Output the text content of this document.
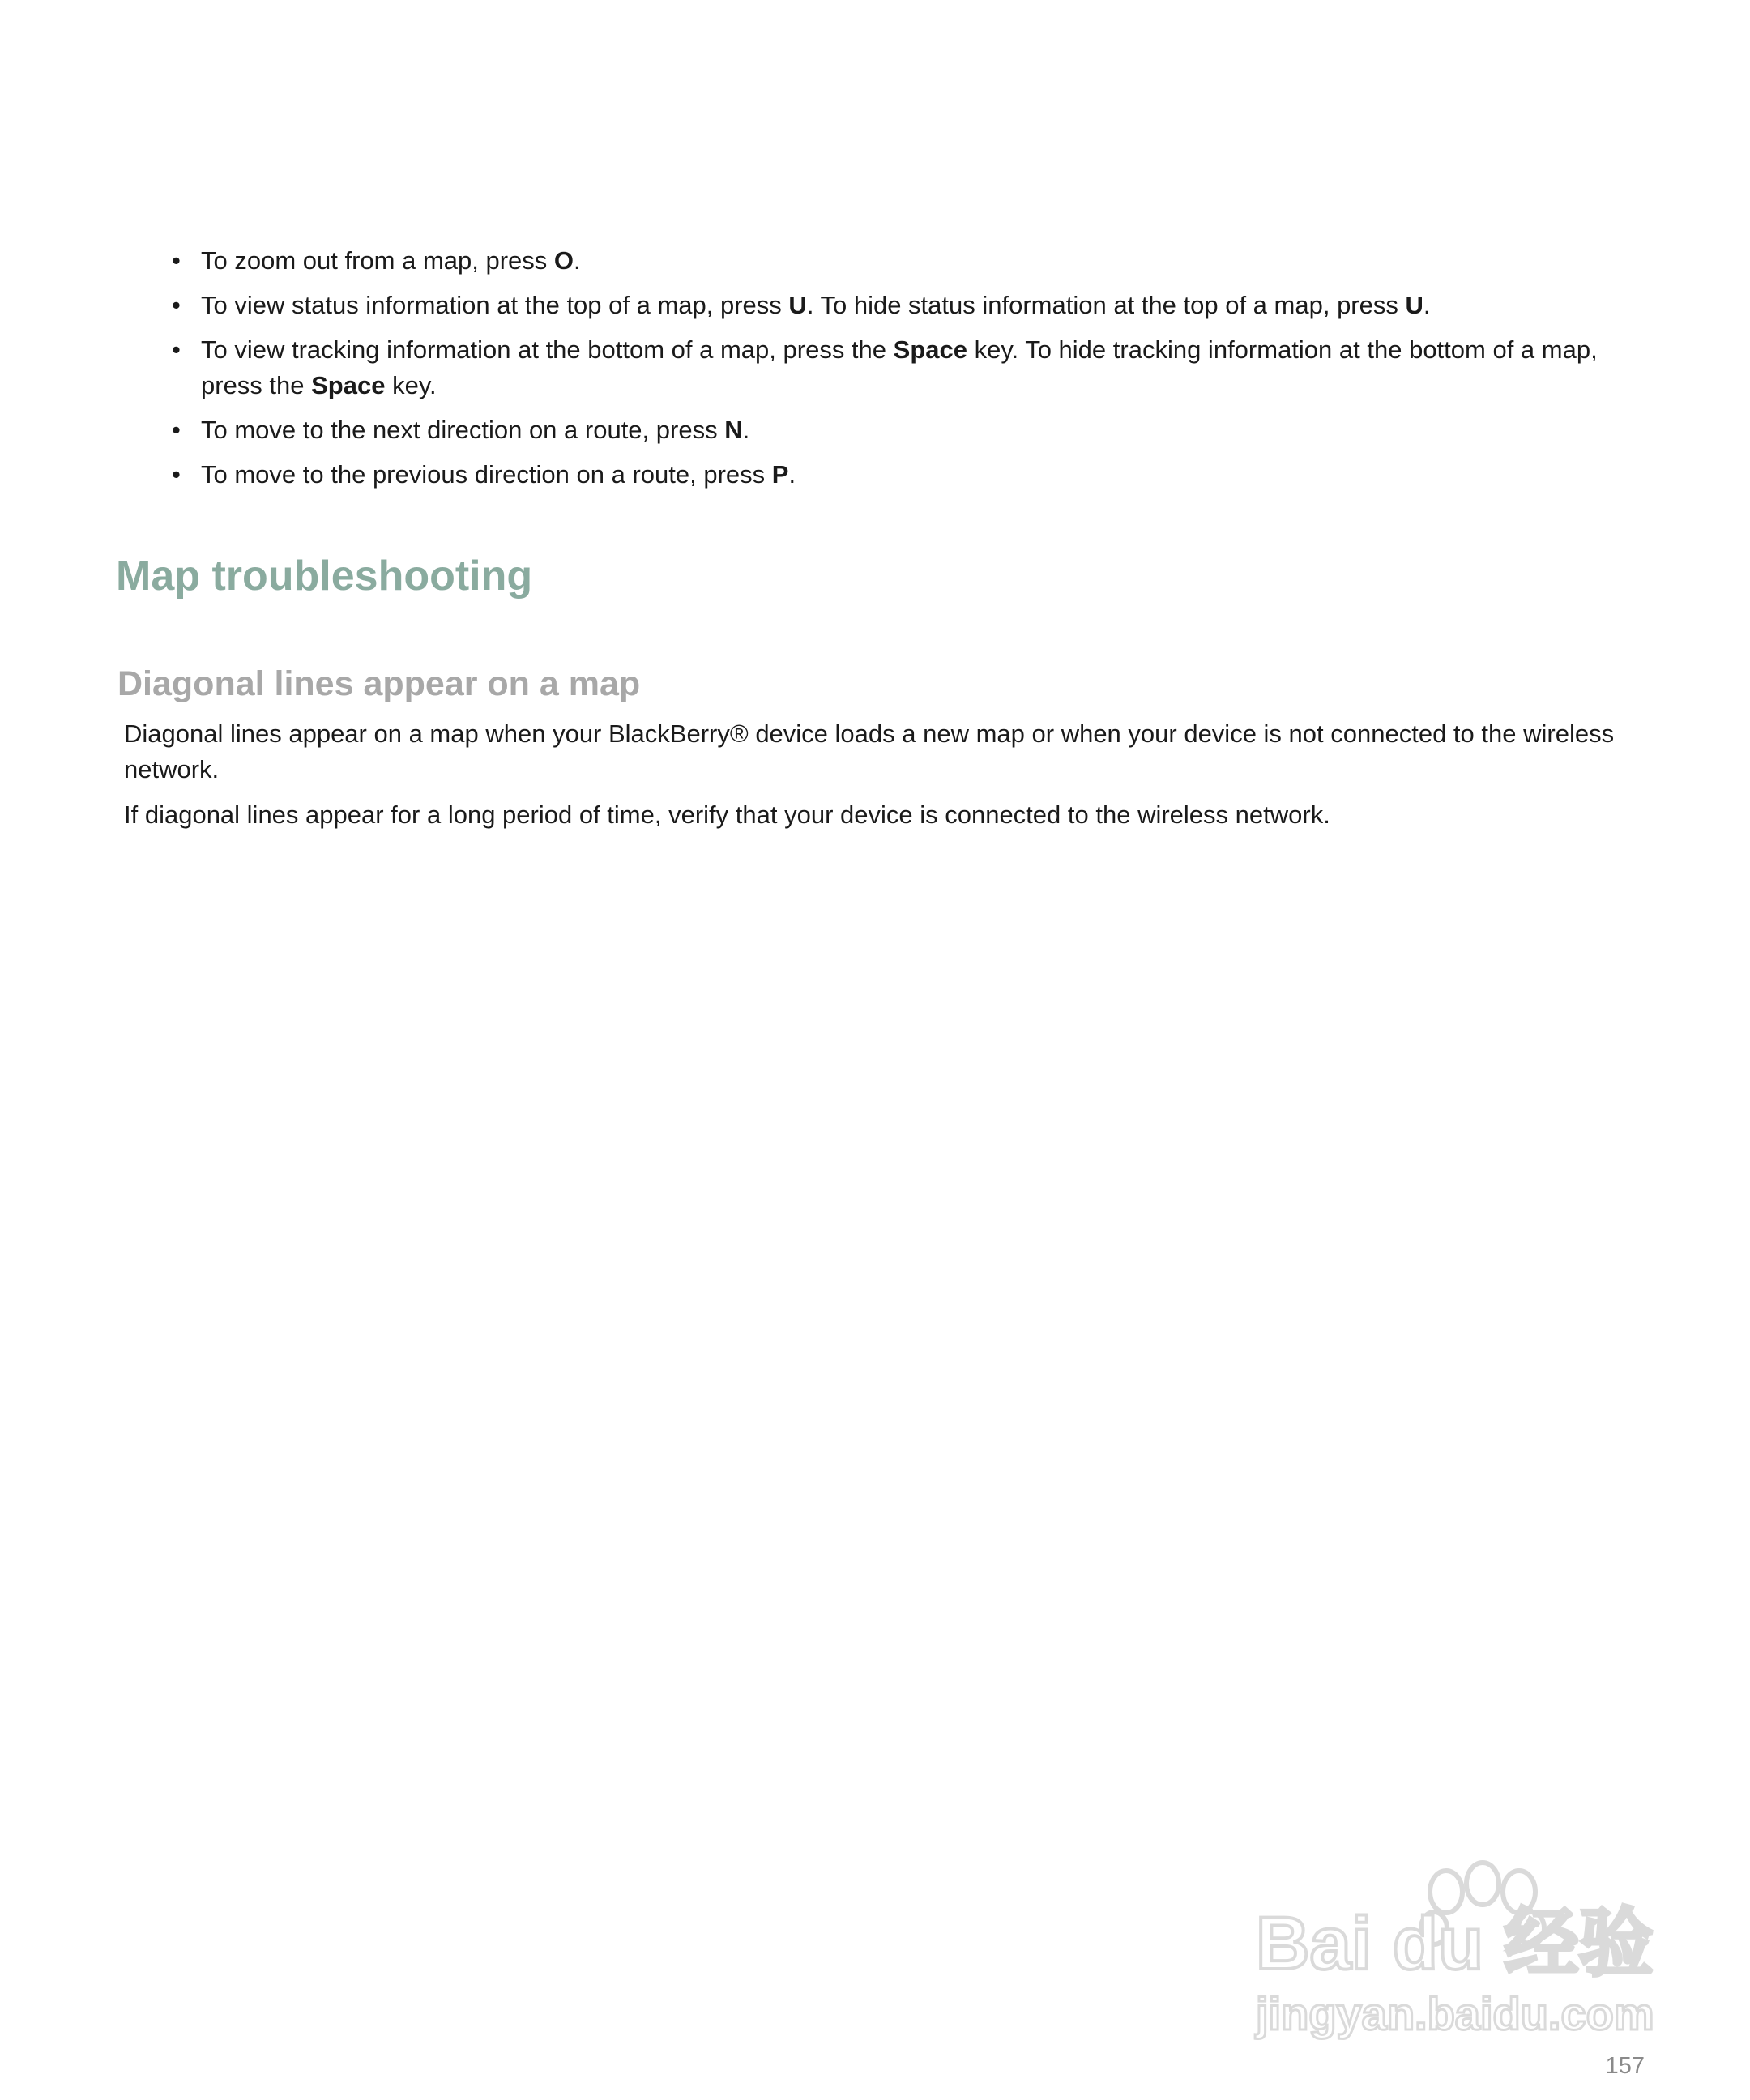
• To zoom out from a map, press O.
• To view status information at the top of a map, press U. To hide status information at the top of a map, press U.
• To view tracking information at the bottom of a map, press the Space key. To hide tracking information at the bottom of a map, press the Space key.
• To move to the next direction on a route, press N.
• To move to the previous direction on a route, press P.
Map troubleshooting
Diagonal lines appear on a map

Diagonal lines appear on a map when your BlackBerry® device loads a new map or when your device is not connected to the wireless network.

If diagonal lines appear for a long period of time, verify that your device is connected to the wireless network.

Bai du 经验
jingyan.baidu.com
157
